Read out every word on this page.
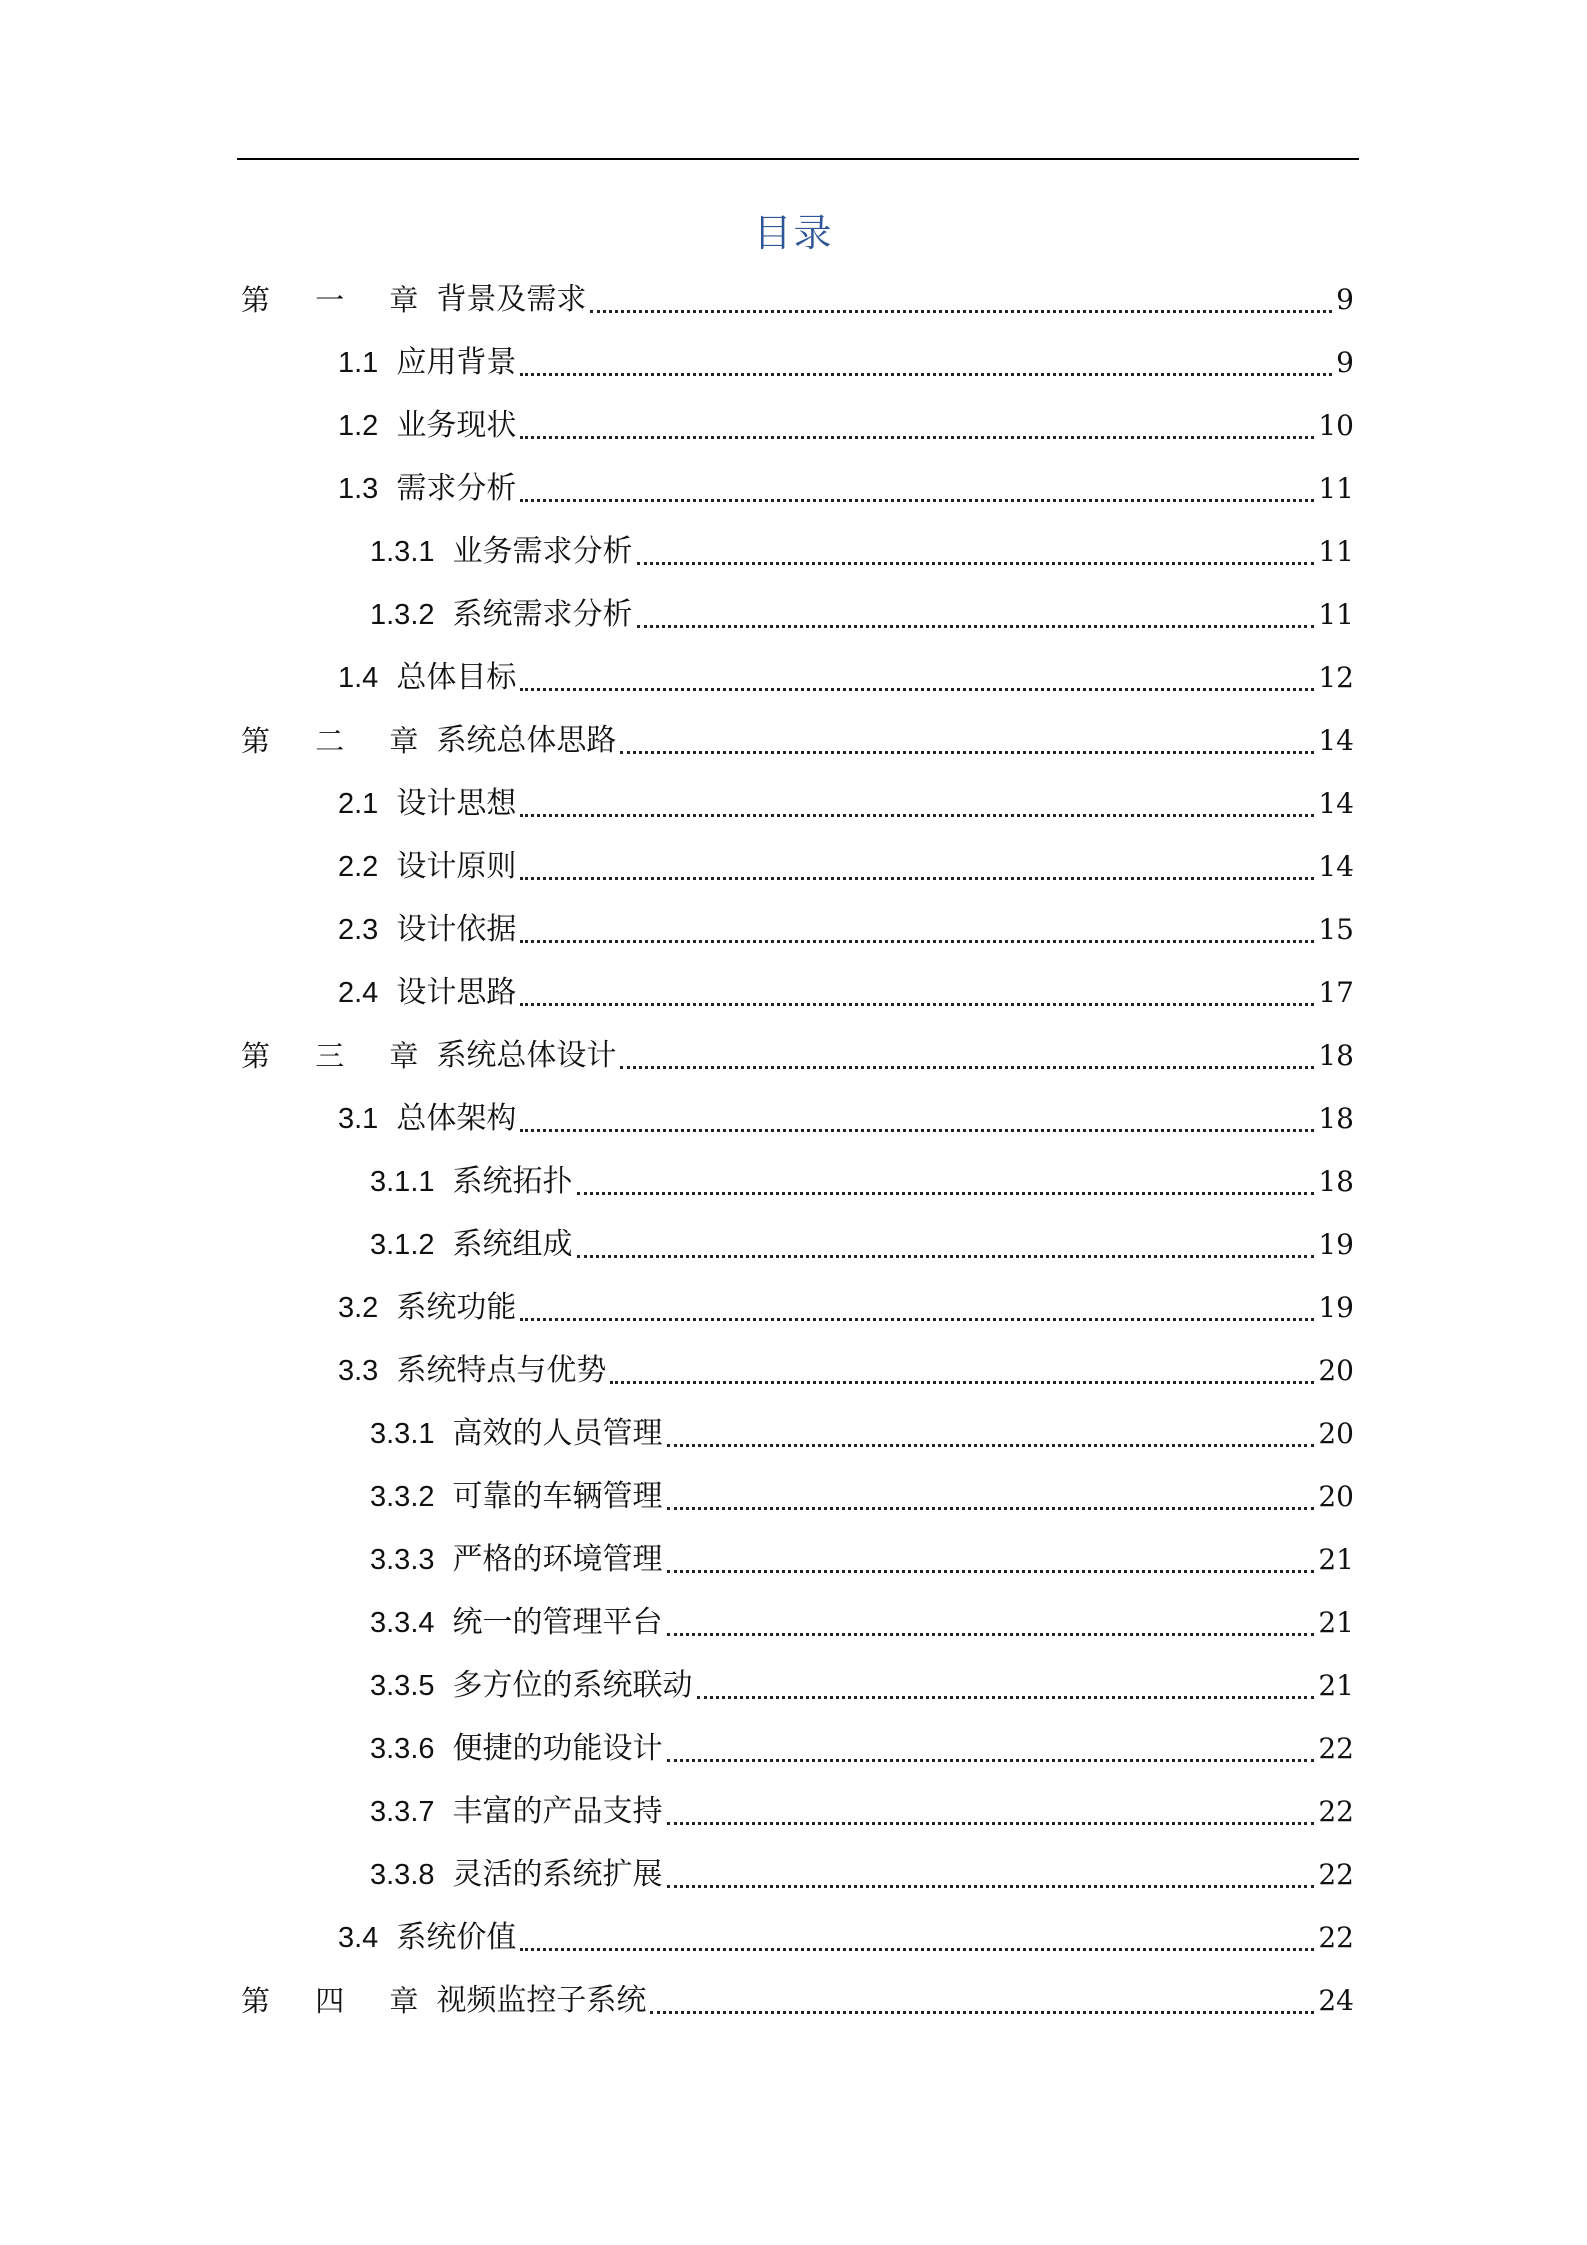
目录
第 一 章 背景及需求	9
1.1 应用背景	9
1.2 业务现状	10
1.3 需求分析	11
1.3.1 业务需求分析	11
1.3.2 系统需求分析	11
1.4 总体目标	12
第 二 章 系统总体思路	14
2.1 设计思想	14
2.2 设计原则	14
2.3 设计依据	15
2.4 设计思路	17
第 三 章 系统总体设计	18
3.1 总体架构	18
3.1.1 系统拓扑	18
3.1.2 系统组成	19
3.2 系统功能	19
3.3 系统特点与优势	20
3.3.1 高效的人员管理	20
3.3.2 可靠的车辆管理	20
3.3.3 严格的环境管理	21
3.3.4 统一的管理平台	21
3.3.5 多方位的系统联动	21
3.3.6 便捷的功能设计	22
3.3.7 丰富的产品支持	22
3.3.8 灵活的系统扩展	22
3.4 系统价值	22
第 四 章 视频监控子系统	24
